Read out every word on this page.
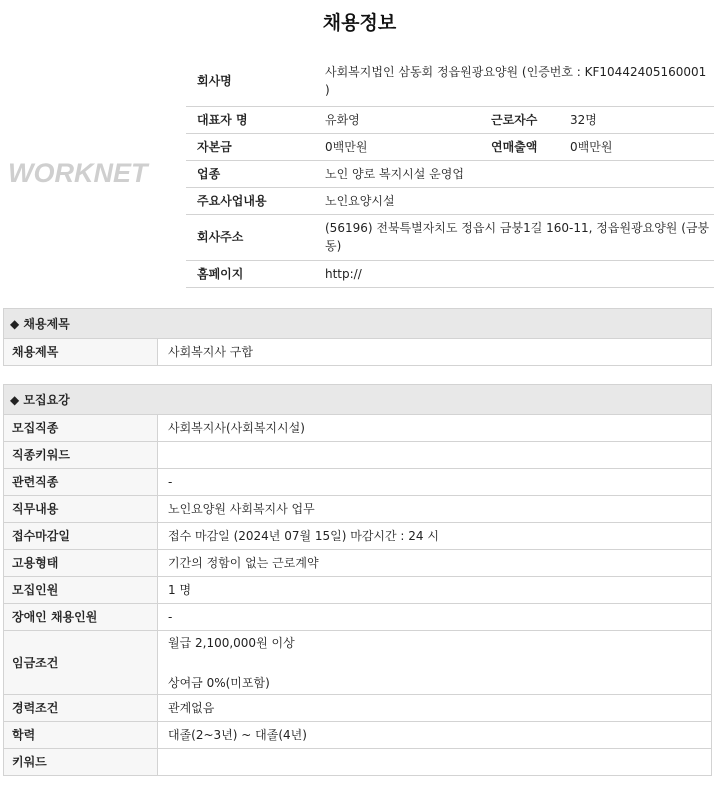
채용정보
WORKNET
회사명	사회복지법인 삼동회 정읍원광요양원 (인증번호 : KF10442405160001 )		
대표자 명	유화영	근로자수	32명
자본금	0백만원	연매출액	0백만원
업종	노인 양로 복지시설 운영업		
주요사업내용	노인요양시설		
회사주소	(56196) 전북특별자치도 정읍시 금붕1길 160-11, 정읍원광요양원 (금붕동)		
홈페이지	http://		
◆ 채용제목
채용제목	사회복지사 구합
◆ 모집요강	
모집직종	사회복지사(사회복지시설)
직종키워드	
관련직종	-
직무내용	노인요양원 사회복지사 업무
접수마감일	접수 마감일 (2024년 07월 15일) 마감시간 : 24 시
고용형태	기간의 정함이 없는 근로계약
모집인원	1 명
장애인 채용인원	-
임금조건	월급 2,100,000원 이상
상여금 0%(미포함)

경력조건	관계없음
학력	대졸(2~3년) ~ 대졸(4년)
키워드	
